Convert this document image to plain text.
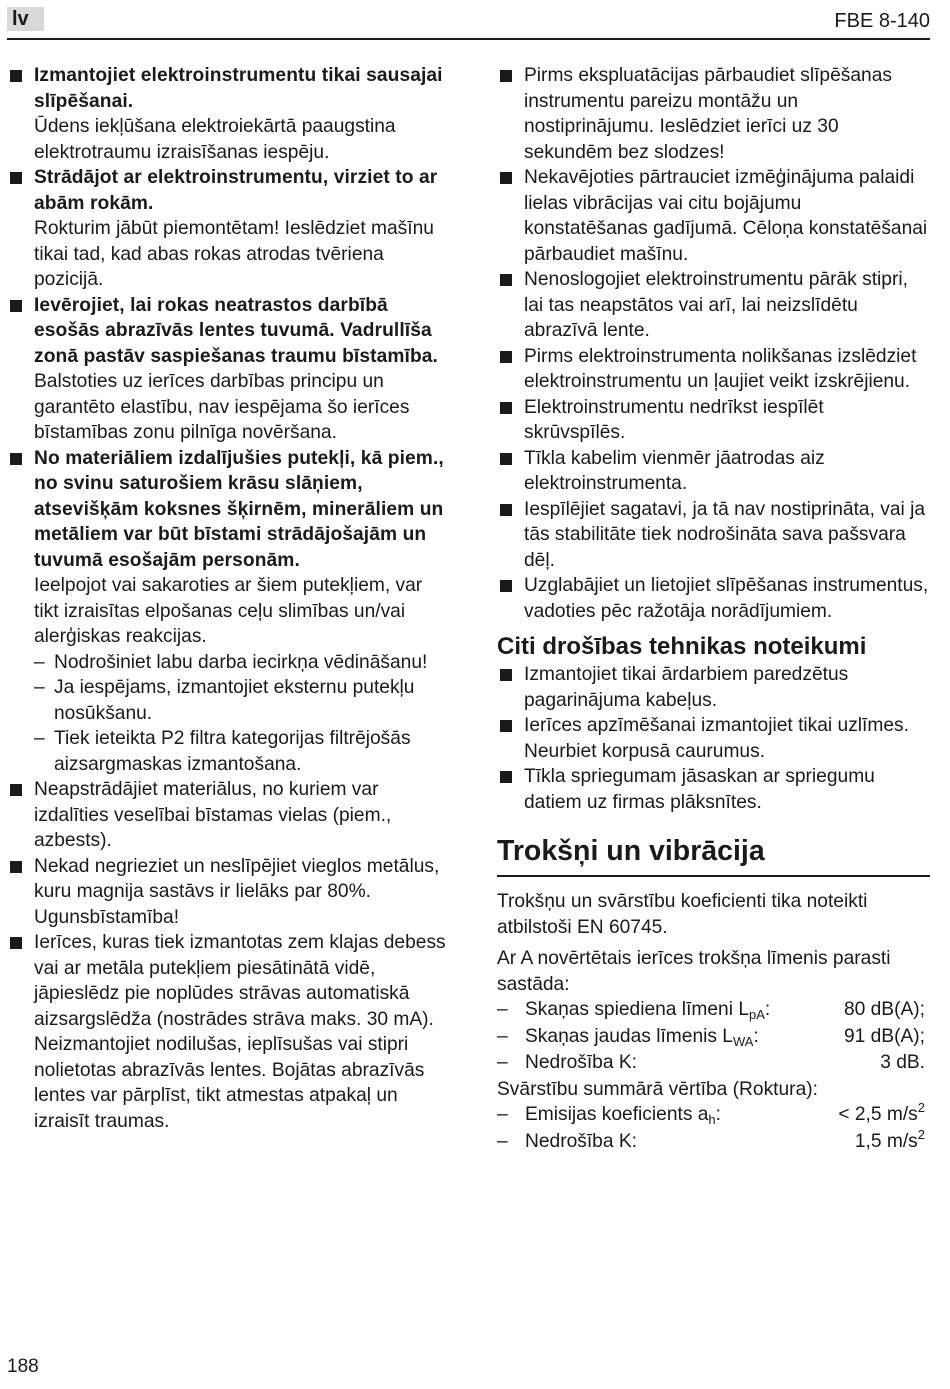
lv	FBE 8-140
Izmantojiet elektroinstrumentu tikai sausajai slīpēšanai.
Ūdens iekļūšana elektroiekārtā paaugstina elektrotraumu izraisīšanas iespēju.
Strādājot ar elektroinstrumentu, virziet to ar abām rokām.
Rokturim jābūt piemontētam! Ieslēdziet mašīnu tikai tad, kad abas rokas atrodas tvēriena pozicijā.
Ievērojiet, lai rokas neatrastos darbībā esošās abrazīvās lentes tuvumā. Vadrullīša zonā pastāv saspiešanas traumu bīstamība.
Balstoties uz ierīces darbības principu un garantēto elastību, nav iespējama šo ierīces bīstamības zonu pilnīga novēršana.
No materiāliem izdalījušies putekļi, kā piem., no svinu saturošiem krāsu slāņiem, atsevišķām koksnes šķirnēm, minerāliem un metāliem var būt bīstami strādājošajām un tuvumā esošajām personām.
Ieelpojot vai sakaroties ar šiem putekļiem, var tikt izraisītas elpošanas ceļu slimības un/vai alerģiskas reakcijas.
– Nodrošiniet labu darba iecirkņa vēdināšanu!
– Ja iespējams, izmantojiet eksternu putekļu nosūkšanu.
– Tiek ieteikta P2 filtra kategorijas filtrējošās aizsargmaskas izmantošana.
Neapstrādājiet materiālus, no kuriem var izdalīties veselībai bīstamas vielas (piem., azbests).
Nekad negrieziet un neslīpējiet vieglos metālus, kuru magnija sastāvs ir lielāks par 80%. Ugunsbīstamība!
Ierīces, kuras tiek izmantotas zem klajas debess vai ar metāla putekļiem piesātinātā vidē, jāpieslēdz pie noplūdes strāvas automatiskā aizsargslēdža (nostrādes strāva maks. 30 mA). Neizmantojiet nodilušas, ieplīsušas vai stipri nolietotas abrazīvās lentes. Bojātas abrazīvās lentes var pārplīst, tikt atmestas atpakaļ un izraisīt traumas.
Pirms ekspluatācijas pārbaudiet slīpēšanas instrumentu pareizu montāžu un nostiprinājumu. Ieslēdziet ierīci uz 30 sekundēm bez slodzes!
Nekavējoties pārtrauciet izmēģinājuma palaidi lielas vibrācijas vai citu bojājumu konstatēšanas gadījumā. Cēloņa konstatēšanai pārbaudiet mašīnu.
Nenoslogojiet elektroinstrumentu pārāk stipri, lai tas neapstātos vai arī, lai neizslīdētu abrazīvā lente.
Pirms elektroinstrumenta nolikšanas izslēdziet elektroinstrumentu un ļaujiet veikt izskrējienu.
Elektroinstrumentu nedrīkst iespīlēt skrūvspīlēs.
Tīkla kabelim vienmēr jāatrodas aiz elektroinstrumenta.
Iespīlējiet sagatavi, ja tā nav nostiprināta, vai ja tās stabilitāte tiek nodrošināta sava pašsvara dēļ.
Uzglabājiet un lietojiet slīpēšanas instrumentus, vadoties pēc ražotāja norādījumiem.
Citi drošības tehnikas noteikumi
Izmantojiet tikai ārdarbiem paredzētus pagarinājuma kabeļus.
Ierīces apzīmēšanai izmantojiet tikai uzlīmes. Neurbiet korpusā caurumus.
Tīkla spriegumam jāsaskan ar spriegumu datiem uz firmas plāksnītes.
Trokšņi un vibrācija
Trokšņu un svārstību koeficienti tika noteikti atbilstoši EN 60745.
Ar A novērtētais ierīces trokšņa līmenis parasti sastāda:
– Skaņas spiediena līmeni $L_{pA}$:	80 dB(A);
– Skaņas jaudas līmenis $L_{WA}$:	91 dB(A);
– Nedrošība K:	3 dB.
Svārstību summārā vērtība (Roktura):
– Emisijas koeficients $a_h$:	< 2,5 $m/s^2$
– Nedrošība K:	1,5 $m/s^2$
188
